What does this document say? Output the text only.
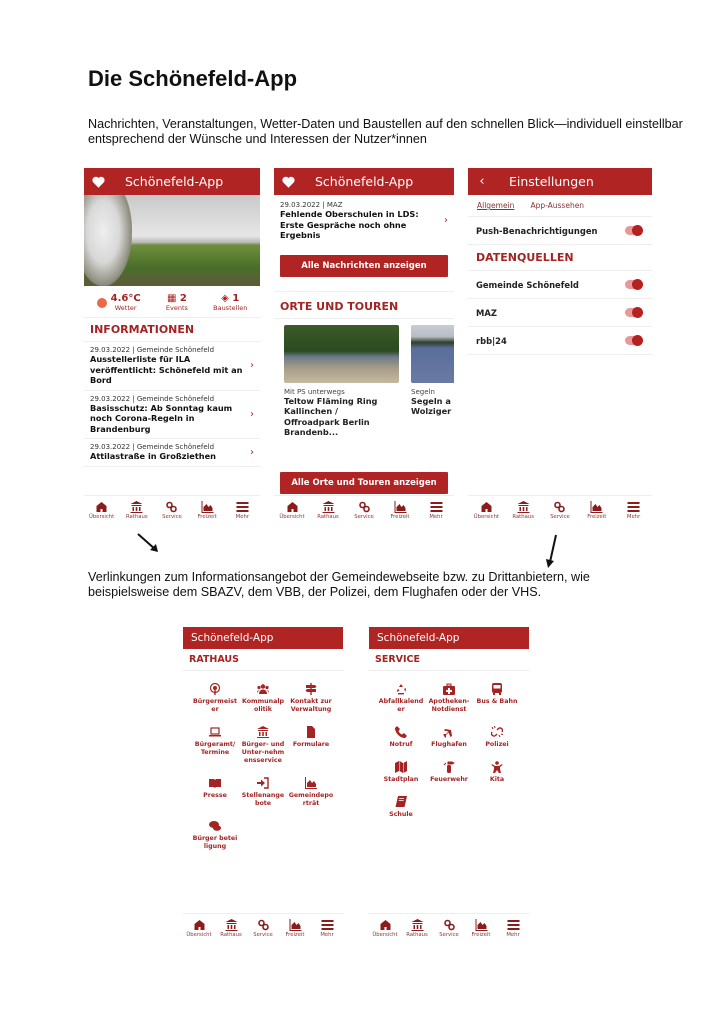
Die Schönefeld-App
Nachrichten, Veranstaltungen, Wetter-Daten und Baustellen auf den schnellen Blick—individuell einstellbar entsprechend der Wünsche und Interessen der Nutzer*innen
Schönefeld-App
4.6°C
Wetter
▦ 2
Events
◈ 1
Baustellen
INFORMATIONEN
29.03.2022 | Gemeinde Schönefeld
Ausstellerliste für ILA veröffentlicht: Schönefeld mit an Bord
›
29.03.2022 | Gemeinde Schönefeld
Basisschutz: Ab Sonntag kaum noch Corona-Regeln in Brandenburg
›
29.03.2022 | Gemeinde Schönefeld
Attilastraße in Großziethen	›
Übersicht Rathaus	Service	Freizeit	Mehr
Schönefeld-App
29.03.2022 | MAZ
Fehlende Oberschulen in LDS: Erste Gespräche noch ohne Ergebnis
›
Alle Nachrichten anzeigen
ORTE UND TOUREN
Mit PS unterwegs
Teltow Fläming Ring Kallinchen / Offroadpark Berlin Brandenb...
Segeln
Segeln a Wolziger
Alle Orte und Touren anzeigen
Übersicht Rathaus	Service	Freizeit	Mehr
‹	Einstellungen
Allgemein App-Aussehen
Push-Benachrichtigungen
DATENQUELLEN
Gemeinde Schönefeld
MAZ
rbb|24
Übersicht	Rathaus	Service	Freizeit	Mehr
Verlinkungen zum Informationsangebot der Gemeindewebseite bzw. zu Drittanbietern, wie beispielsweise dem SBAZV, dem VBB, der Polizei, dem Flughafen oder der VHS.
Schönefeld-App
RATHAUS
Bürgermeister
Kommunalpolitik
Kontakt zur Verwaltung
Bürgeramt/ Termine
Bürger- und Unter-nehmensservice
Formulare
Presse Stellenangebote
Gemeindeporträt
Bürger beteiligung
Übersicht Rathaus Service Freizeit	Mehr
Schönefeld-App
SERVICE
Abfallkalender
Apotheken-Notdienst
Bus & Bahn
Notruf	Flughafen	Polizei
Stadtplan Feuerwehr	Kita
Schule
Übersicht Rathaus Service Freizeit	Mehr
